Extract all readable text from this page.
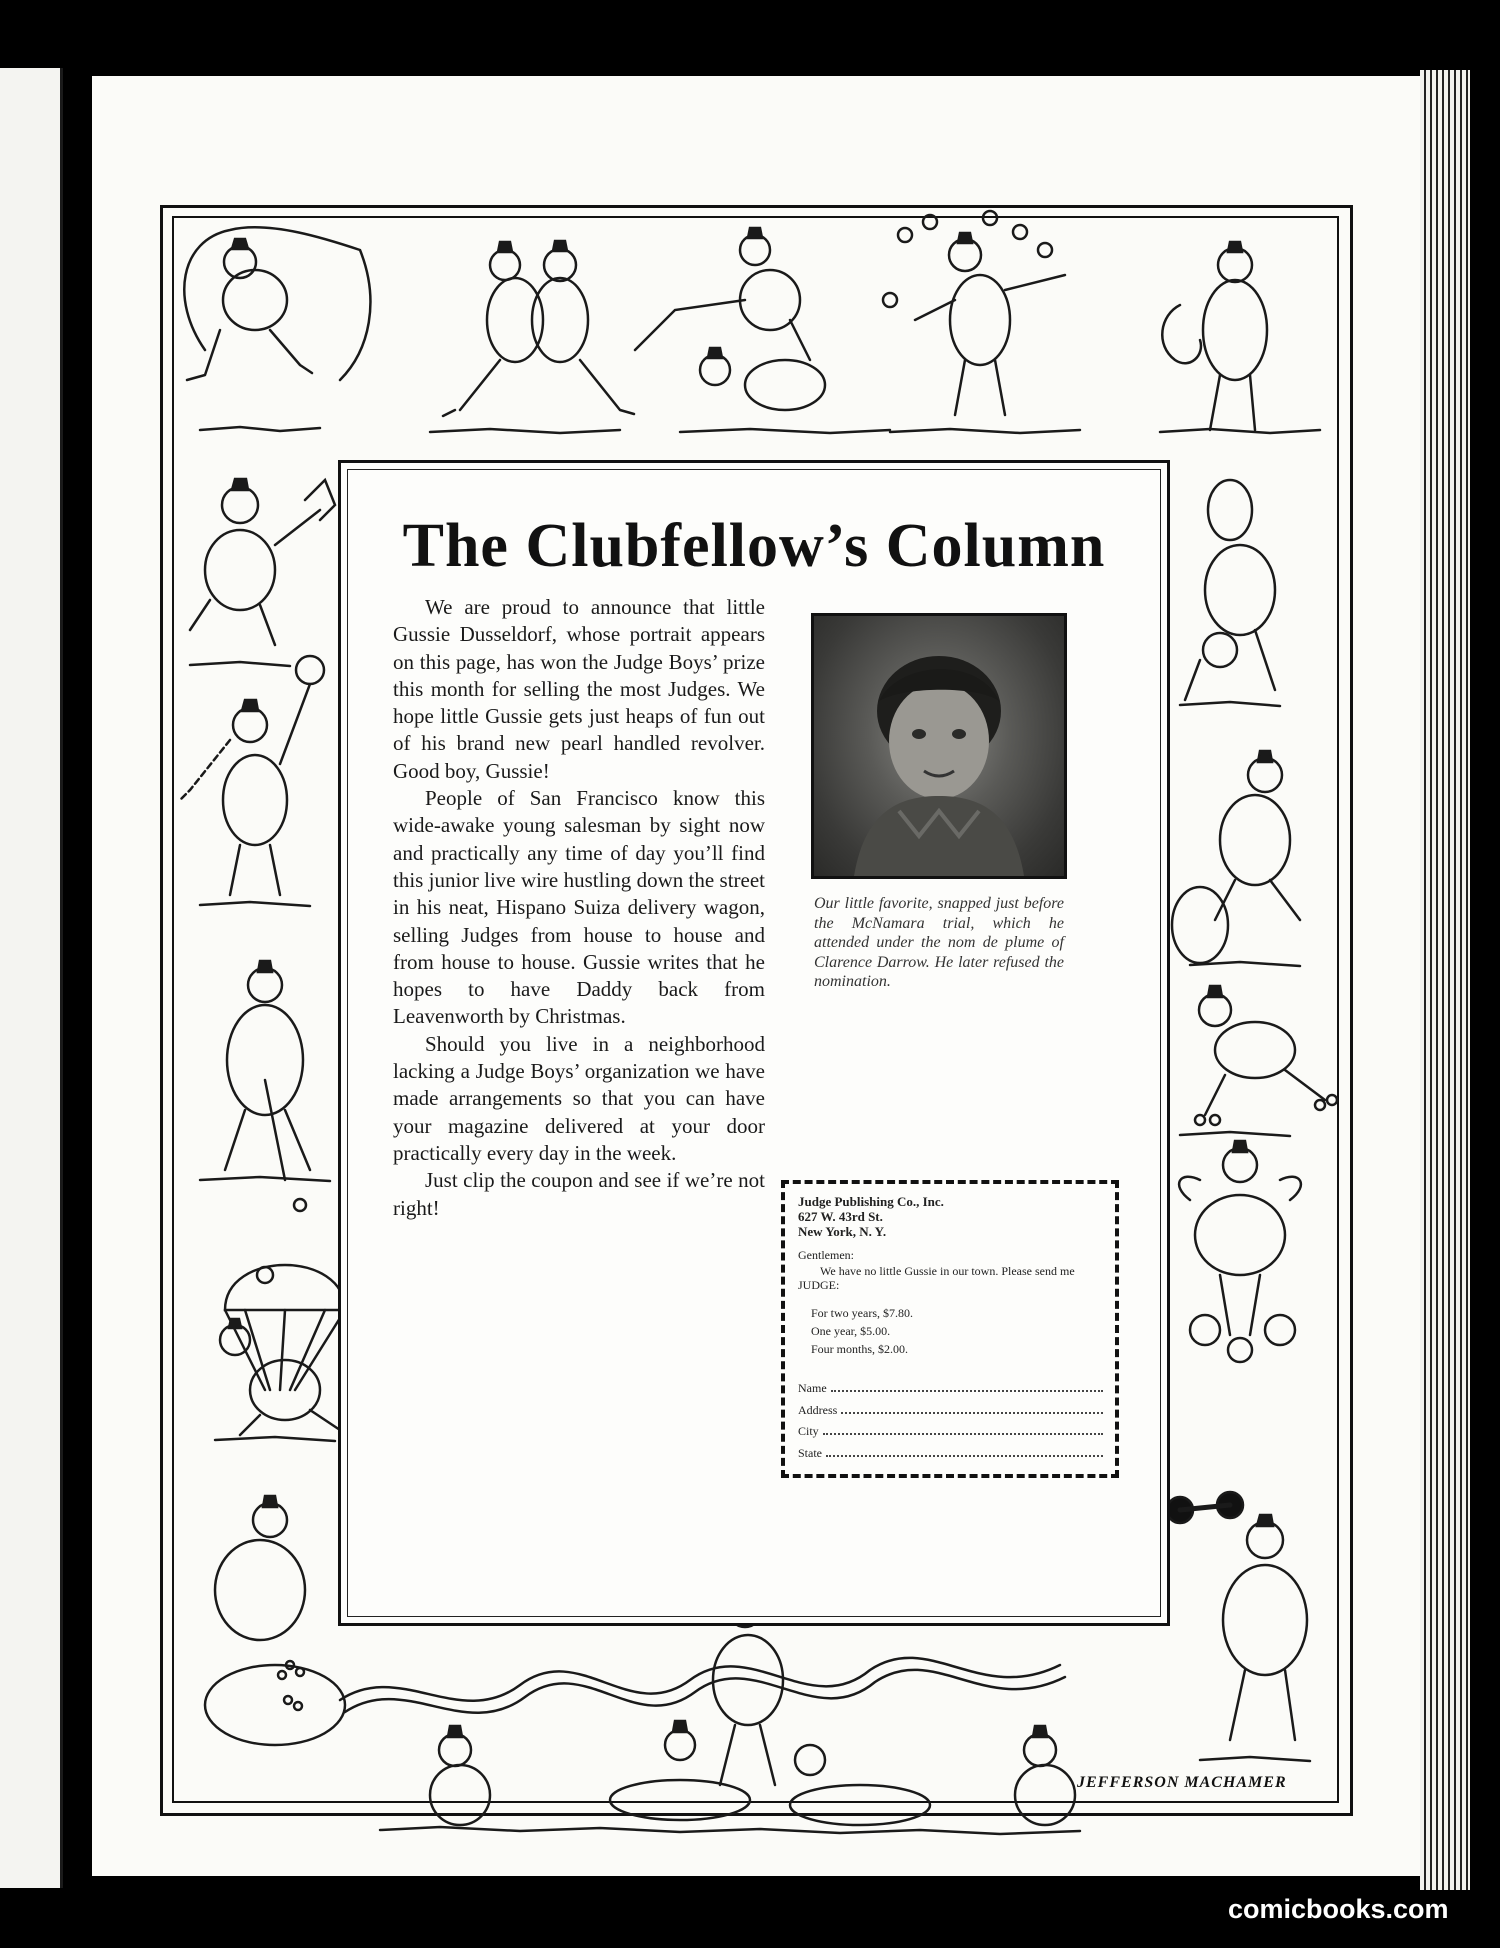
The Clubfellow’s Column

We are proud to announce that little Gussie Dusseldorf, whose portrait appears on this page, has won the Judge Boys’ prize this month for selling the most Judges. We hope little Gussie gets just heaps of fun out of his brand new pearl handled revolver. Good boy, Gussie!

People of San Francisco know this wide-awake young salesman by sight now and practically any time of day you’ll find this junior live wire hustling down the street in his neat, Hispano Suiza delivery wagon, selling Judges from house to house and from house to house. Gussie writes that he hopes to have Daddy back from Leavenworth by Christmas.

Should you live in a neighborhood lacking a Judge Boys’ organization we have made arrangements so that you can have your magazine delivered at your door practically every day in the week.

Just clip the coupon and see if we’re not right!

Our little favorite, snapped just before the McNamara trial, which he attended under the nom de plume of Clarence Darrow. He later refused the nomination.
Judge Publishing Co., Inc.
627 W. 43rd St.
New York, N. Y.
Gentlemen:
We have no little Gussie in our town. Please send me JUDGE:
For two years, $7.80.
One year, $5.00.
Four months, $2.00.
Name
Address
City
State
JEFFERSON MACHAMER
comicbooks.com
